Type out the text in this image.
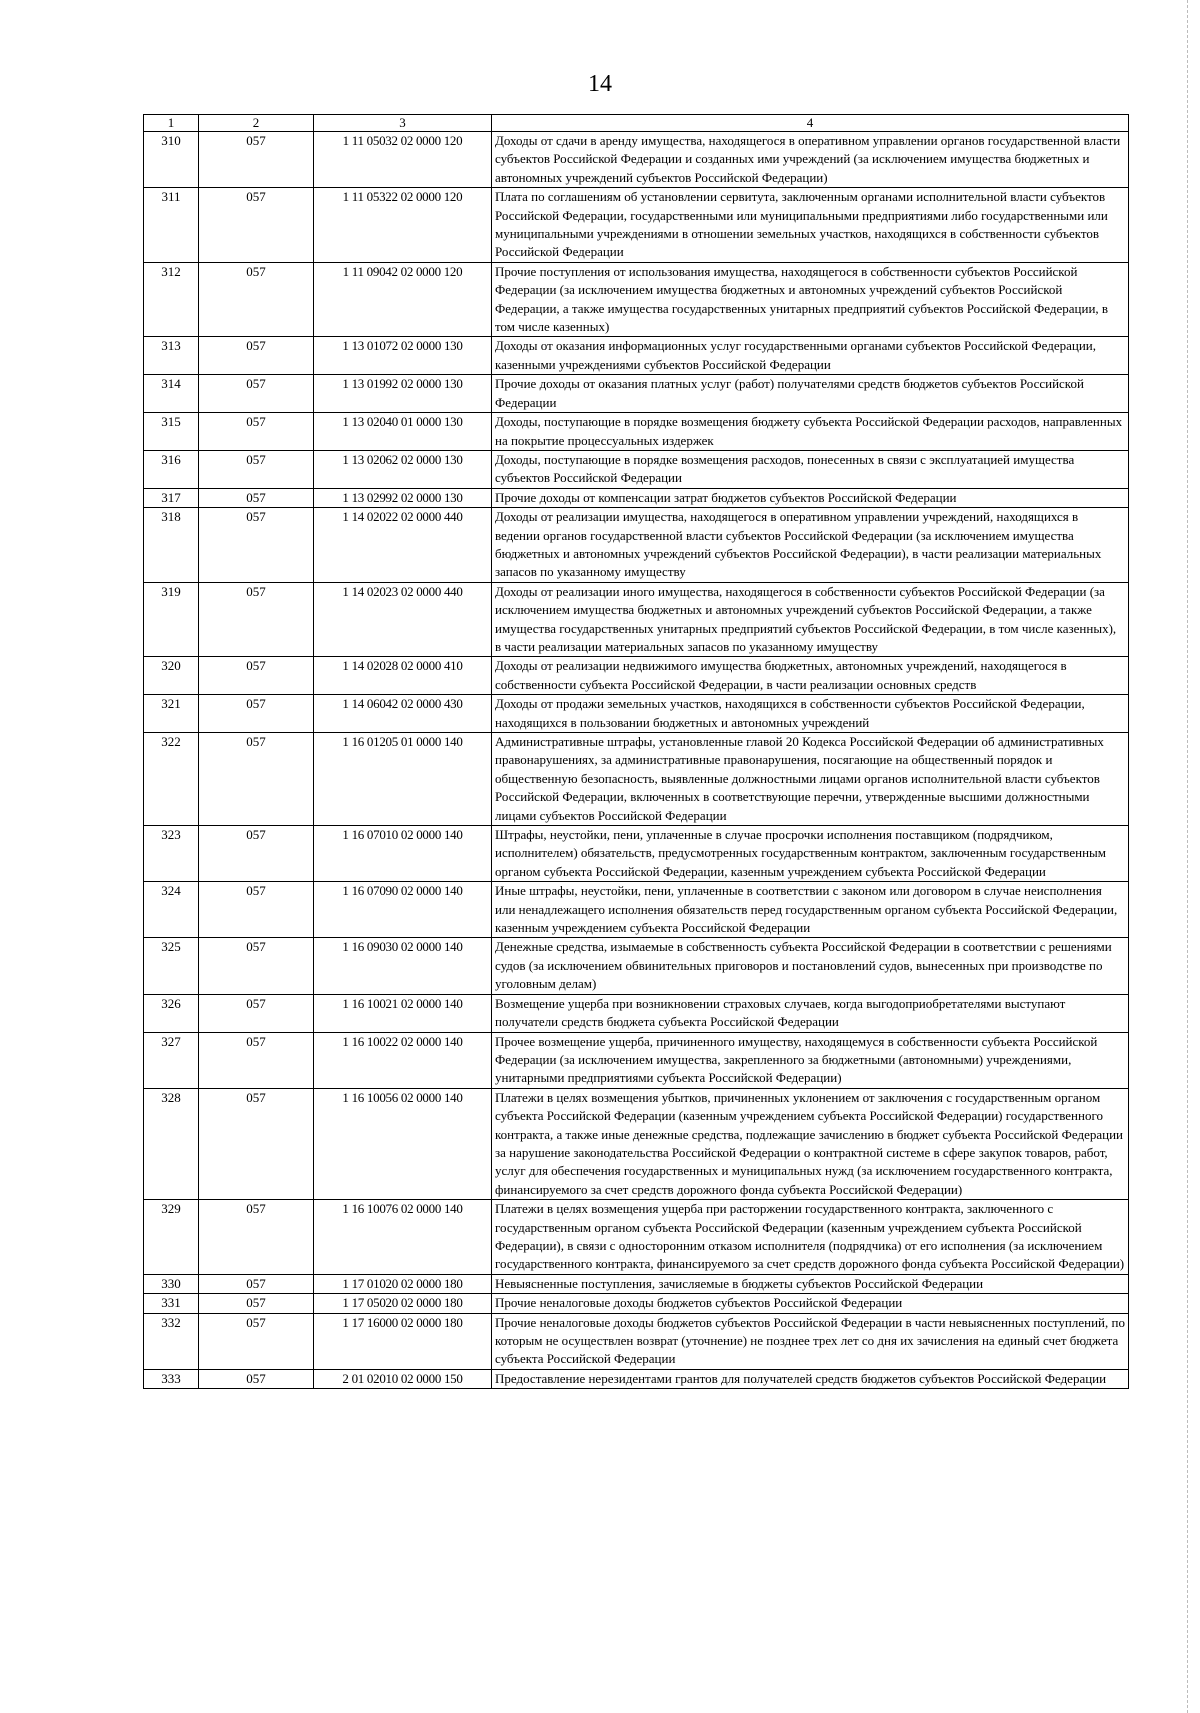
14
1	2	3	4
310	057	1 11 05032 02 0000 120	Доходы от сдачи в аренду имущества, находящегося в оперативном управлении органов государственной власти субъектов Российской Федерации и созданных ими учреждений (за исключением имущества бюджетных и автономных учреждений субъектов Российской Федерации)
311	057	1 11 05322 02 0000 120	Плата по соглашениям об установлении сервитута, заключенным органами исполнительной власти субъектов Российской Федерации, государственными или муниципальными предприятиями либо государственными или муниципальными учреждениями в отношении земельных участков, находящихся в собственности субъектов Российской Федерации
312	057	1 11 09042 02 0000 120	Прочие поступления от использования имущества, находящегося в собственности субъектов Российской Федерации (за исключением имущества бюджетных и автономных учреждений субъектов Российской Федерации, а также имущества государственных унитарных предприятий субъектов Российской Федерации, в том числе казенных)
313	057	1 13 01072 02 0000 130	Доходы от оказания информационных услуг государственными органами субъектов Российской Федерации, казенными учреждениями субъектов Российской Федерации
314	057	1 13 01992 02 0000 130	Прочие доходы от оказания платных услуг (работ) получателями средств бюджетов субъектов Российской Федерации
315	057	1 13 02040 01 0000 130	Доходы, поступающие в порядке возмещения бюджету субъекта Российской Федерации расходов, направленных на покрытие процессуальных издержек
316	057	1 13 02062 02 0000 130	Доходы, поступающие в порядке возмещения расходов, понесенных в связи с эксплуатацией имущества субъектов Российской Федерации
317	057	1 13 02992 02 0000 130	Прочие доходы от компенсации затрат бюджетов субъектов Российской Федерации
318	057	1 14 02022 02 0000 440	Доходы от реализации имущества, находящегося в оперативном управлении учреждений, находящихся в ведении органов государственной власти субъектов Российской Федерации (за исключением имущества бюджетных и автономных учреждений субъектов Российской Федерации), в части реализации материальных запасов по указанному имуществу
319	057	1 14 02023 02 0000 440	Доходы от реализации иного имущества, находящегося в собственности субъектов Российской Федерации (за исключением имущества бюджетных и автономных учреждений субъектов Российской Федерации, а также имущества государственных унитарных предприятий субъектов Российской Федерации, в том числе казенных), в части реализации материальных запасов по указанному имуществу
320	057	1 14 02028 02 0000 410	Доходы от реализации недвижимого имущества бюджетных, автономных учреждений, находящегося в собственности субъекта Российской Федерации, в части реализации основных средств
321	057	1 14 06042 02 0000 430	Доходы от продажи земельных участков, находящихся в собственности субъектов Российской Федерации, находящихся в пользовании бюджетных и автономных учреждений
322	057	1 16 01205 01 0000 140	Административные штрафы, установленные главой 20 Кодекса Российской Федерации об административных правонарушениях, за административные правонарушения, посягающие на общественный порядок и общественную безопасность, выявленные должностными лицами органов исполнительной власти субъектов Российской Федерации, включенных в соответствующие перечни, утвержденные высшими должностными лицами субъектов Российской Федерации
323	057	1 16 07010 02 0000 140	Штрафы, неустойки, пени, уплаченные в случае просрочки исполнения поставщиком (подрядчиком, исполнителем) обязательств, предусмотренных государственным контрактом, заключенным государственным органом субъекта Российской Федерации, казенным учреждением субъекта Российской Федерации
324	057	1 16 07090 02 0000 140	Иные штрафы, неустойки, пени, уплаченные в соответствии с законом или договором в случае неисполнения или ненадлежащего исполнения обязательств перед государственным органом субъекта Российской Федерации, казенным учреждением субъекта Российской Федерации
325	057	1 16 09030 02 0000 140	Денежные средства, изымаемые в собственность субъекта Российской Федерации в соответствии с решениями судов (за исключением обвинительных приговоров и постановлений судов, вынесенных при производстве по уголовным делам)
326	057	1 16 10021 02 0000 140	Возмещение ущерба при возникновении страховых случаев, когда выгодоприобретателями выступают получатели средств бюджета субъекта Российской Федерации
327	057	1 16 10022 02 0000 140	Прочее возмещение ущерба, причиненного имуществу, находящемуся в собственности субъекта Российской Федерации (за исключением имущества, закрепленного за бюджетными (автономными) учреждениями, унитарными предприятиями субъекта Российской Федерации)
328	057	1 16 10056 02 0000 140	Платежи в целях возмещения убытков, причиненных уклонением от заключения с государственным органом субъекта Российской Федерации (казенным учреждением субъекта Российской Федерации) государственного контракта, а также иные денежные средства, подлежащие зачислению в бюджет субъекта Российской Федерации за нарушение законодательства Российской Федерации о контрактной системе в сфере закупок товаров, работ, услуг для обеспечения государственных и муниципальных нужд (за исключением государственного контракта, финансируемого за счет средств дорожного фонда субъекта Российской Федерации)
329	057	1 16 10076 02 0000 140	Платежи в целях возмещения ущерба при расторжении государственного контракта, заключенного с государственным органом субъекта Российской Федерации (казенным учреждением субъекта Российской Федерации), в связи с односторонним отказом исполнителя (подрядчика) от его исполнения (за исключением государственного контракта, финансируемого за счет средств дорожного фонда субъекта Российской Федерации)
330	057	1 17 01020 02 0000 180	Невыясненные поступления, зачисляемые в бюджеты субъектов Российской Федерации
331	057	1 17 05020 02 0000 180	Прочие неналоговые доходы бюджетов субъектов Российской Федерации
332	057	1 17 16000 02 0000 180	Прочие неналоговые доходы бюджетов субъектов Российской Федерации в части невыясненных поступлений, по которым не осуществлен возврат (уточнение) не позднее трех лет со дня их зачисления на единый счет бюджета субъекта Российской Федерации
333	057	2 01 02010 02 0000 150	Предоставление нерезидентами грантов для получателей средств бюджетов субъектов Российской Федерации
